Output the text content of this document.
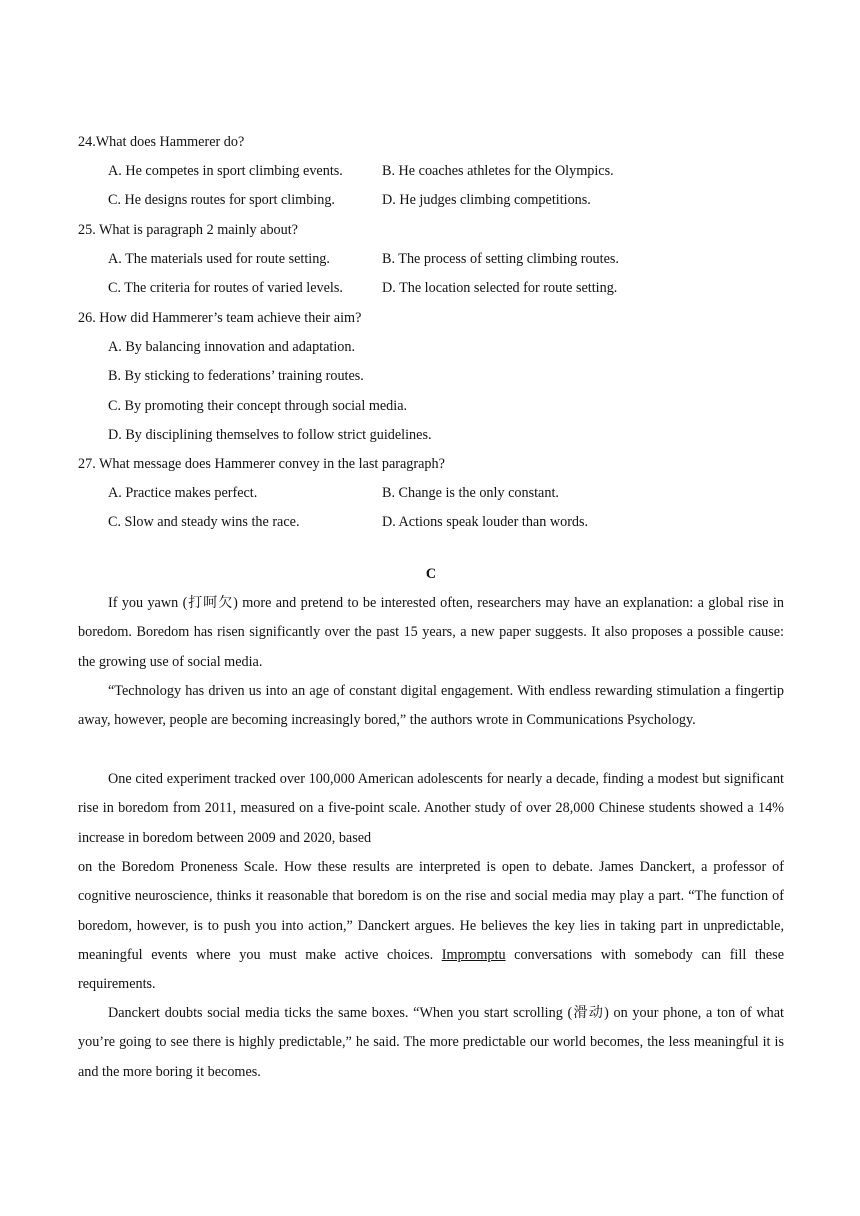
24.What does Hammerer do?
A. He competes in sport climbing events.	B. He coaches athletes for the Olympics.
C. He designs routes for sport climbing.	D. He judges climbing competitions.
25. What is paragraph 2 mainly about?
A. The materials used for route setting.	B. The process of setting climbing routes.
C. The criteria for routes of varied levels.	D. The location selected for route setting.
26. How did Hammerer’s team achieve their aim?
A. By balancing innovation and adaptation.
B. By sticking to federations’ training routes.
C. By promoting their concept through social media.
D. By disciplining themselves to follow strict guidelines.
27. What message does Hammerer convey in the last paragraph?
A. Practice makes perfect.	B. Change is the only constant.
C. Slow and steady wins the race.	D. Actions speak louder than words.
C

If you yawn (打呵欠) more and pretend to be interested often, researchers may have an explanation: a global rise in boredom. Boredom has risen significantly over the past 15 years, a new paper suggests. It also proposes a possible cause: the growing use of social media.

“Technology has driven us into an age of constant digital engagement. With endless rewarding stimulation a fingertip away, however, people are becoming increasingly bored,” the authors wrote in Communications Psychology.

One cited experiment tracked over 100,000 American adolescents for nearly a decade, finding a modest but significant rise in boredom from 2011, measured on a five-point scale. Another study of over 28,000 Chinese students showed a 14% increase in boredom between 2009 and 2020, based

on the Boredom Proneness Scale. How these results are interpreted is open to debate. James Danckert, a professor of cognitive neuroscience, thinks it reasonable that boredom is on the rise and social media may play a part. “The function of boredom, however, is to push you into action,” Danckert argues. He believes the key lies in taking part in unpredictable, meaningful events where you must make active choices. Impromptu conversations with somebody can fill these requirements.

Danckert doubts social media ticks the same boxes. “When you start scrolling (滑动) on your phone, a ton of what you’re going to see there is highly predictable,” he said. The more predictable our world becomes, the less meaningful it is and the more boring it becomes.
